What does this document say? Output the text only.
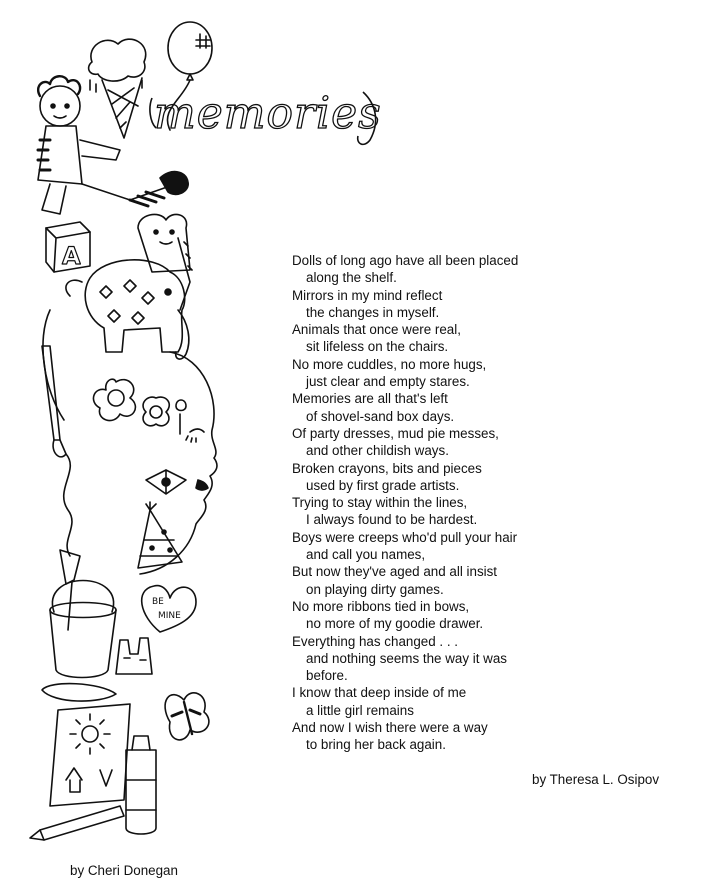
memories
A
BE
MINE
Dolls of long ago have all been placed
along the shelf.
Mirrors in my mind reflect
the changes in myself.
Animals that once were real,
sit lifeless on the chairs.
No more cuddles, no more hugs,
just clear and empty stares.
Memories are all that's left
of shovel-sand box days.
Of party dresses, mud pie messes,
and other childish ways.
Broken crayons, bits and pieces
used by first grade artists.
Trying to stay within the lines,
I always found to be hardest.
Boys were creeps who'd pull your hair
and call you names,
But now they've aged and all insist
on playing dirty games.
No more ribbons tied in bows,
no more of my goodie drawer.
Everything has changed . . .
and nothing seems the way it was
before.
I know that deep inside of me
a little girl remains
And now I wish there were a way
to bring her back again.
by Theresa L. Osipov
by Cheri Donegan
